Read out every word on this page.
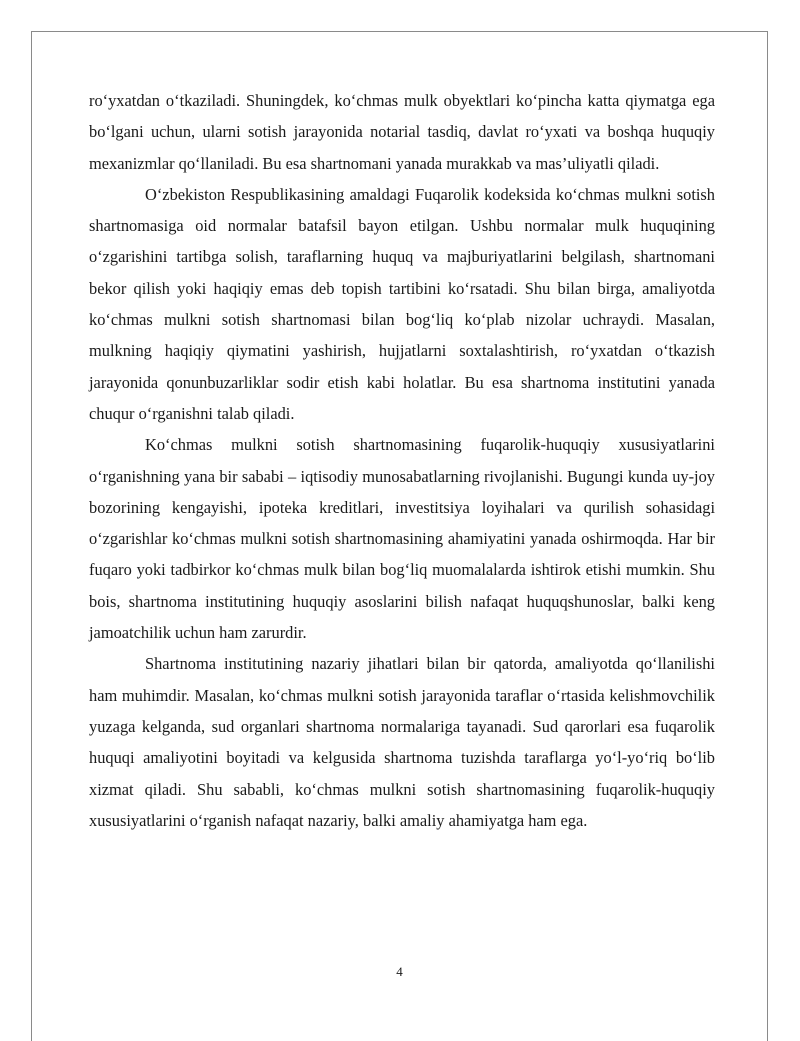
ro‘yxatdan o‘tkaziladi. Shuningdek, ko‘chmas mulk obyektlari ko‘pincha katta qiymatga ega bo‘lgani uchun, ularni sotish jarayonida notarial tasdiq, davlat ro‘yxati va boshqa huquqiy mexanizmlar qo‘llaniladi. Bu esa shartnomani yanada murakkab va mas’uliyatli qiladi.

O‘zbekiston Respublikasining amaldagi Fuqarolik kodeksida ko‘chmas mulkni sotish shartnomasiga oid normalar batafsil bayon etilgan. Ushbu normalar mulk huquqining o‘zgarishini tartibga solish, taraflarning huquq va majburiyatlarini belgilash, shartnomani bekor qilish yoki haqiqiy emas deb topish tartibini ko‘rsatadi. Shu bilan birga, amaliyotda ko‘chmas mulkni sotish shartnomasi bilan bog‘liq ko‘plab nizolar uchraydi. Masalan, mulkning haqiqiy qiymatini yashirish, hujjatlarni soxtalashtirish, ro‘yxatdan o‘tkazish jarayonida qonunbuzarliklar sodir etish kabi holatlar. Bu esa shartnoma institutini yanada chuqur o‘rganishni talab qiladi.

Ko‘chmas mulkni sotish shartnomasining fuqarolik-huquqiy xususiyatlarini o‘rganishning yana bir sababi – iqtisodiy munosabatlarning rivojlanishi. Bugungi kunda uy-joy bozorining kengayishi, ipoteka kreditlari, investitsiya loyihalari va qurilish sohasidagi o‘zgarishlar ko‘chmas mulkni sotish shartnomasining ahamiyatini yanada oshirmoqda. Har bir fuqaro yoki tadbirkor ko‘chmas mulk bilan bog‘liq muomalalarda ishtirok etishi mumkin. Shu bois, shartnoma institutining huquqiy asoslarini bilish nafaqat huquqshunoslar, balki keng jamoatchilik uchun ham zarurdir.

Shartnoma institutining nazariy jihatlari bilan bir qatorda, amaliyotda qo‘llanilishi ham muhimdir. Masalan, ko‘chmas mulkni sotish jarayonida taraflar o‘rtasida kelishmovchilik yuzaga kelganda, sud organlari shartnoma normalariga tayanadi. Sud qarorlari esa fuqarolik huquqi amaliyotini boyitadi va kelgusida shartnoma tuzishda taraflarga yo‘l-yo‘riq bo‘lib xizmat qiladi. Shu sababli, ko‘chmas mulkni sotish shartnomasining fuqarolik-huquqiy xususiyatlarini o‘rganish nafaqat nazariy, balki amaliy ahamiyatga ham ega.

4
